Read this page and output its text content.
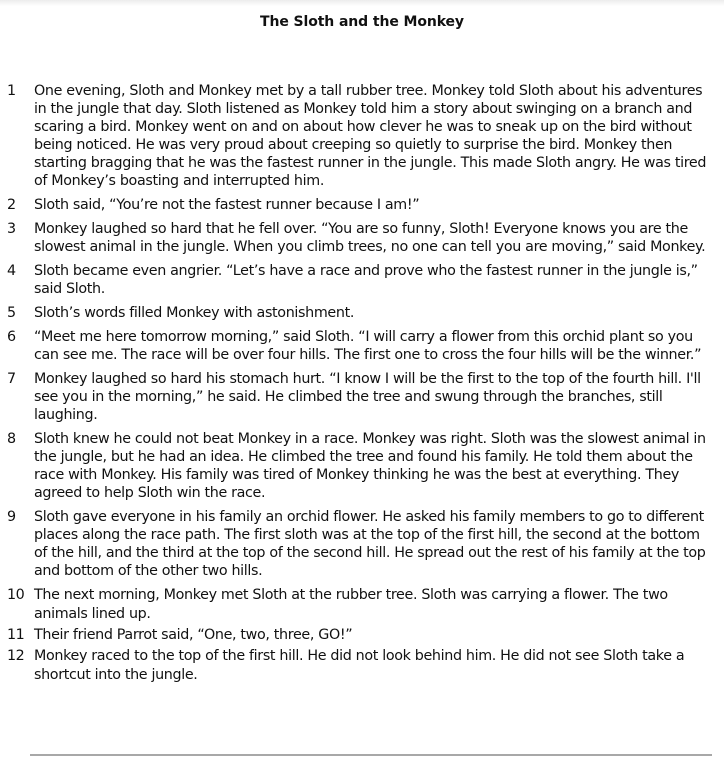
The Sloth and the Monkey
1 One evening, Sloth and Monkey met by a tall rubber tree. Monkey told Sloth about his adventures in the jungle that day. Sloth listened as Monkey told him a story about swinging on a branch and scaring a bird. Monkey went on and on about how clever he was to sneak up on the bird without being noticed. He was very proud about creeping so quietly to surprise the bird. Monkey then starting bragging that he was the fastest runner in the jungle. This made Sloth angry. He was tired of Monkey’s boasting and interrupted him.
2 Sloth said, “You’re not the fastest runner because I am!”
3 Monkey laughed so hard that he fell over. “You are so funny, Sloth! Everyone knows you are the slowest animal in the jungle. When you climb trees, no one can tell you are moving,” said Monkey.
4 Sloth became even angrier. “Let’s have a race and prove who the fastest runner in the jungle is,” said Sloth.
5 Sloth’s words filled Monkey with astonishment.
6 “Meet me here tomorrow morning,” said Sloth. “I will carry a flower from this orchid plant so you can see me. The race will be over four hills. The first one to cross the four hills will be the winner.”
7 Monkey laughed so hard his stomach hurt. “I know I will be the first to the top of the fourth hill. I'll see you in the morning,” he said. He climbed the tree and swung through the branches, still laughing.
8 Sloth knew he could not beat Monkey in a race. Monkey was right. Sloth was the slowest animal in the jungle, but he had an idea. He climbed the tree and found his family. He told them about the race with Monkey. His family was tired of Monkey thinking he was the best at everything. They agreed to help Sloth win the race.
9 Sloth gave everyone in his family an orchid flower. He asked his family members to go to different places along the race path. The first sloth was at the top of the first hill, the second at the bottom of the hill, and the third at the top of the second hill. He spread out the rest of his family at the top and bottom of the other two hills.
10 The next morning, Monkey met Sloth at the rubber tree. Sloth was carrying a flower. The two animals lined up.
11 Their friend Parrot said, “One, two, three, GO!”
12 Monkey raced to the top of the first hill. He did not look behind him. He did not see Sloth take a shortcut into the jungle.
